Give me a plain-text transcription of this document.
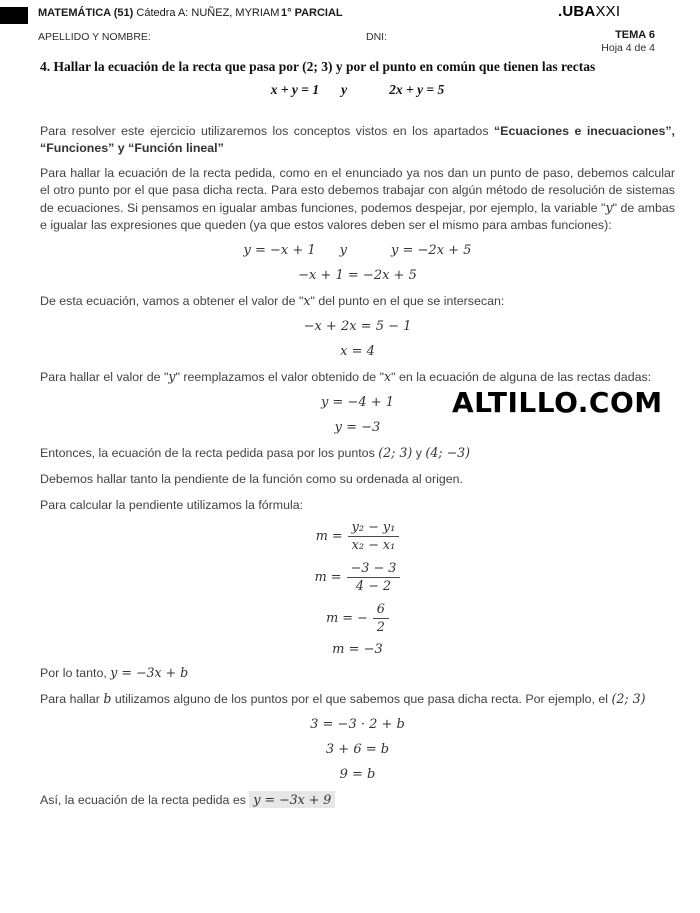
MATEMÁTICA (51) Cátedra A: NUÑEZ, MYRIAM 1° PARCIAL	.UBAXXI
APELLIDO Y NOMBRE:	DNI:	TEMA 6
Hoja 4 de 4
ALTILLO.COM

4. Hallar la ecuación de la recta que pasa por (2; 3) y por el punto en común que tienen las rectas

x + y = 1 y	2x + y = 5

Para resolver este ejercicio utilizaremos los conceptos vistos en los apartados “Ecuaciones e inecuaciones”, “Funciones” y “Función lineal”

Para hallar la ecuación de la recta pedida, como en el enunciado ya nos dan un punto de paso, debemos calcular el otro punto por el que pasa dicha recta. Para esto debemos trabajar con algún método de resolución de sistemas de ecuaciones. Si pensamos en igualar ambas funciones, podemos despejar, por ejemplo, la variable "y" de ambas e igualar las expresiones que queden (ya que estos valores deben ser el mismo para ambas funciones):

y = −x + 1 y	y = −2x + 5
−x + 1 = −2x + 5

De esta ecuación, vamos a obtener el valor de "x" del punto en el que se intersecan:

−x + 2x = 5 − 1
x = 4

Para hallar el valor de "y" reemplazamos el valor obtenido de "x" en la ecuación de alguna de las rectas dadas:

y = −4 + 1
y = −3

Entonces, la ecuación de la recta pedida pasa por los puntos (2; 3) y (4; −3)

Debemos hallar tanto la pendiente de la función como su ordenada al origen.

Para calcular la pendiente utilizamos la fórmula:

$m = \frac{\text{y₂ − y₁}}{\text{x₂ − x₁}}$
$m = \frac{-3 - 3}{4 - 2}$
m = − $\frac{6}{2}$
m = −3

Por lo tanto, y = −3x + b

Para hallar b utilizamos alguno de los puntos por el que sabemos que pasa dicha recta. Por ejemplo, el (2; 3)

3 = −3 · 2 + b
3 + 6 = b
9 = b

Así, la ecuación de la recta pedida es y = −3x + 9
